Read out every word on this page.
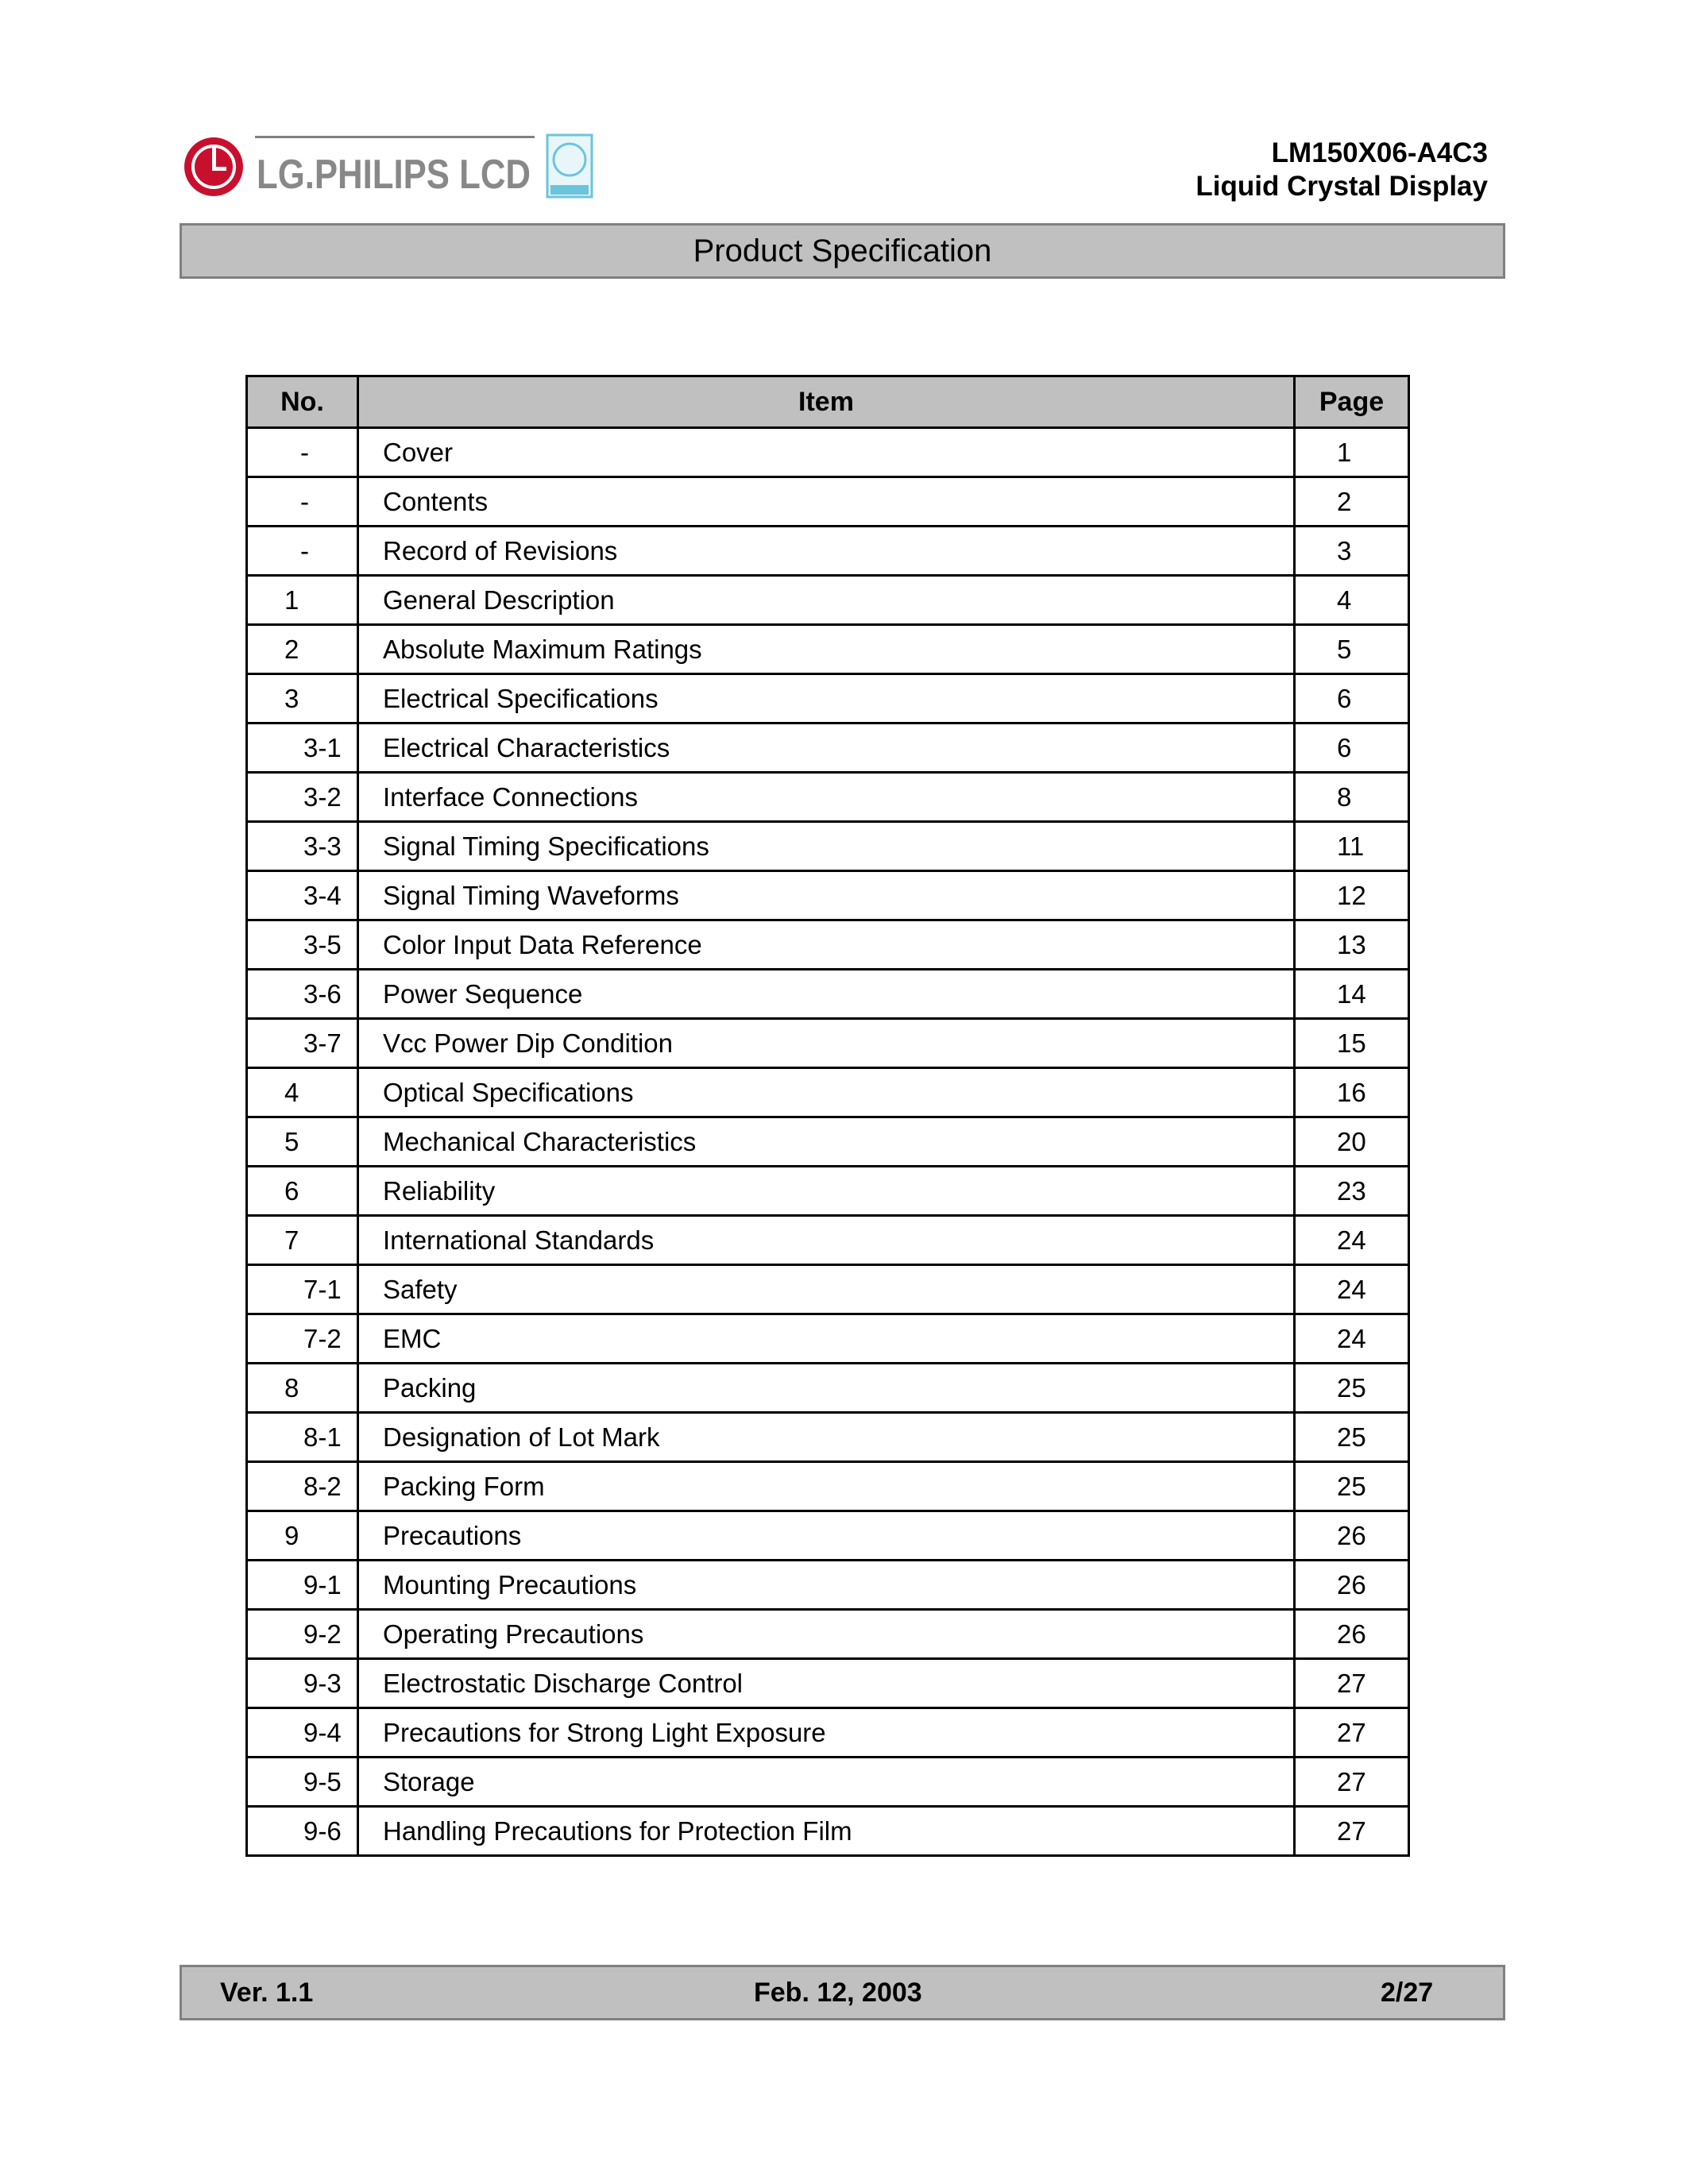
LG.PHILIPS LCD	LM150X06-A4C3
Liquid Crystal Display
Product Specification
No.	Item	Page
-	Cover	1
-	Contents	2
-	Record of Revisions	3
1	General Description	4
2	Absolute Maximum Ratings	5
3	Electrical Specifications	6
3-1	Electrical Characteristics	6
3-2	Interface Connections	8
3-3	Signal Timing Specifications	11
3-4	Signal Timing Waveforms	12
3-5	Color Input Data Reference	13
3-6	Power Sequence	14
3-7	Vcc Power Dip Condition	15
4	Optical Specifications	16
5	Mechanical Characteristics	20
6	Reliability	23
7	International Standards	24
7-1	Safety	24
7-2	EMC	24
8	Packing	25
8-1	Designation of Lot Mark	25
8-2	Packing Form	25
9	Precautions	26
9-1	Mounting Precautions	26
9-2	Operating Precautions	26
9-3	Electrostatic Discharge Control	27
9-4	Precautions for Strong Light Exposure	27
9-5	Storage	27
9-6	Handling Precautions for Protection Film	27
Ver. 1.1	Feb. 12, 2003	2/27
